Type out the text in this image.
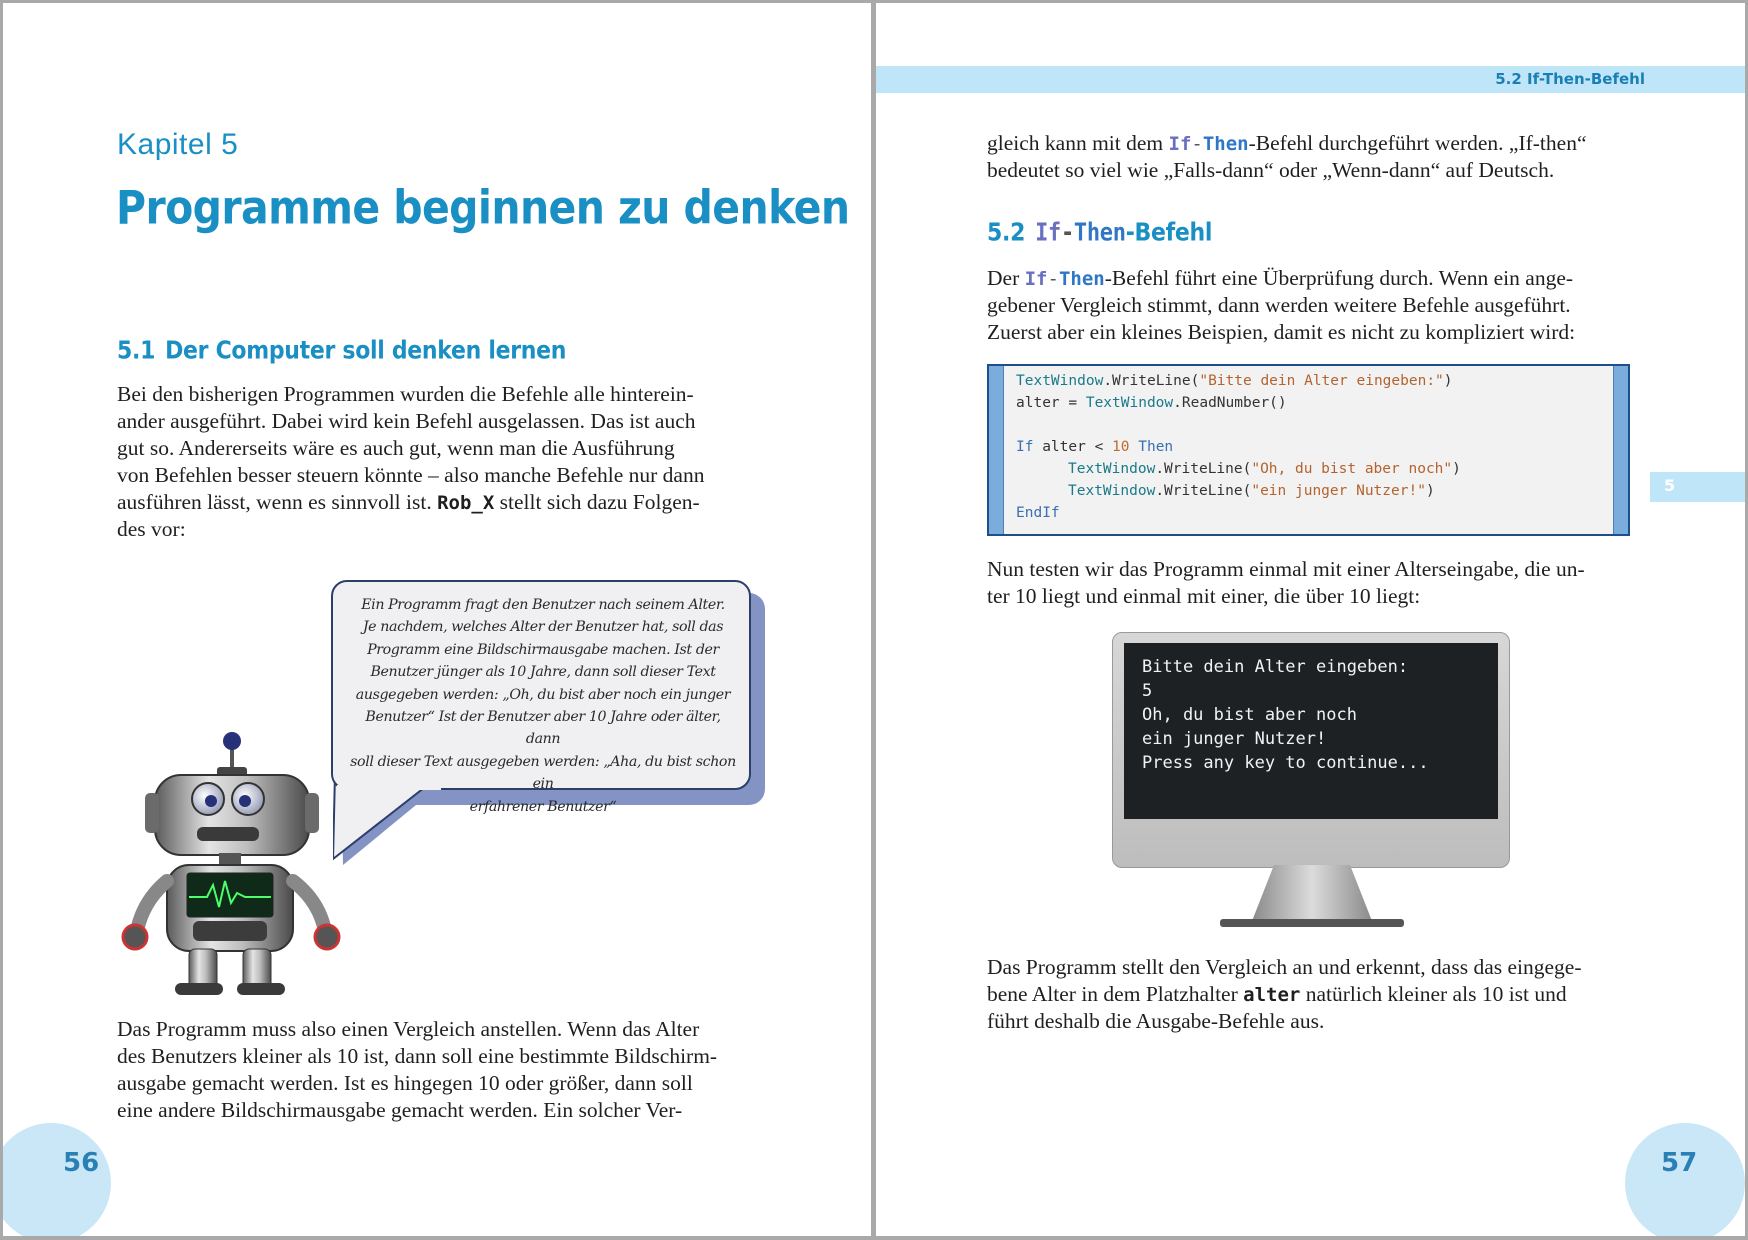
Kapitel 5
Programme beginnen zu denken
5.1 Der Computer soll denken lernen
Bei den bisherigen Programmen wurden die Befehle alle hinterein-
ander ausgeführt. Dabei wird kein Befehl ausgelassen. Das ist auch
gut so. Andererseits wäre es auch gut, wenn man die Ausführung
von Befehlen besser steuern könnte – also manche Befehle nur dann
ausführen lässt, wenn es sinnvoll ist. Rob_X stellt sich dazu Folgen-
des vor:
Ein Programm fragt den Benutzer nach seinem Alter.
Je nachdem, welches Alter der Benutzer hat, soll das
Programm eine Bildschirmausgabe machen. Ist der
Benutzer jünger als 10 Jahre, dann soll dieser Text
ausgegeben werden: „Oh, du bist aber noch ein junger
Benutzer“ Ist der Benutzer aber 10 Jahre oder älter, dann
soll dieser Text ausgegeben werden: „Aha, du bist schon ein
erfahrener Benutzer“
Das Programm muss also einen Vergleich anstellen. Wenn das Alter
des Benutzers kleiner als 10 ist, dann soll eine bestimmte Bildschirm-
ausgabe gemacht werden. Ist es hingegen 10 oder größer, dann soll
eine andere Bildschirmausgabe gemacht werden. Ein solcher Ver-
56
5.2 If-Then-Befehl
5
gleich kann mit dem If-Then-Befehl durchgeführt werden. „If-then“
bedeutet so viel wie „Falls-dann“ oder „Wenn-dann“ auf Deutsch.
5.2 If-Then-Befehl
Der If-Then-Befehl führt eine Überprüfung durch. Wenn ein ange-
gebener Vergleich stimmt, dann werden weitere Befehle ausgeführt.
Zuerst aber ein kleines Beispien, damit es nicht zu kompliziert wird:
TextWindow.WriteLine("Bitte dein Alter eingeben:")
alter = TextWindow.ReadNumber()
If alter < 10 Then
TextWindow.WriteLine("Oh, du bist aber noch")
TextWindow.WriteLine("ein junger Nutzer!")
EndIf
Nun testen wir das Programm einmal mit einer Alterseingabe, die un-
ter 10 liegt und einmal mit einer, die über 10 liegt:
Bitte dein Alter eingeben:
5
Oh, du bist aber noch
ein junger Nutzer!
Press any key to continue...
Das Programm stellt den Vergleich an und erkennt, dass das eingege-
bene Alter in dem Platzhalter alter natürlich kleiner als 10 ist und
führt deshalb die Ausgabe-Befehle aus.
57
